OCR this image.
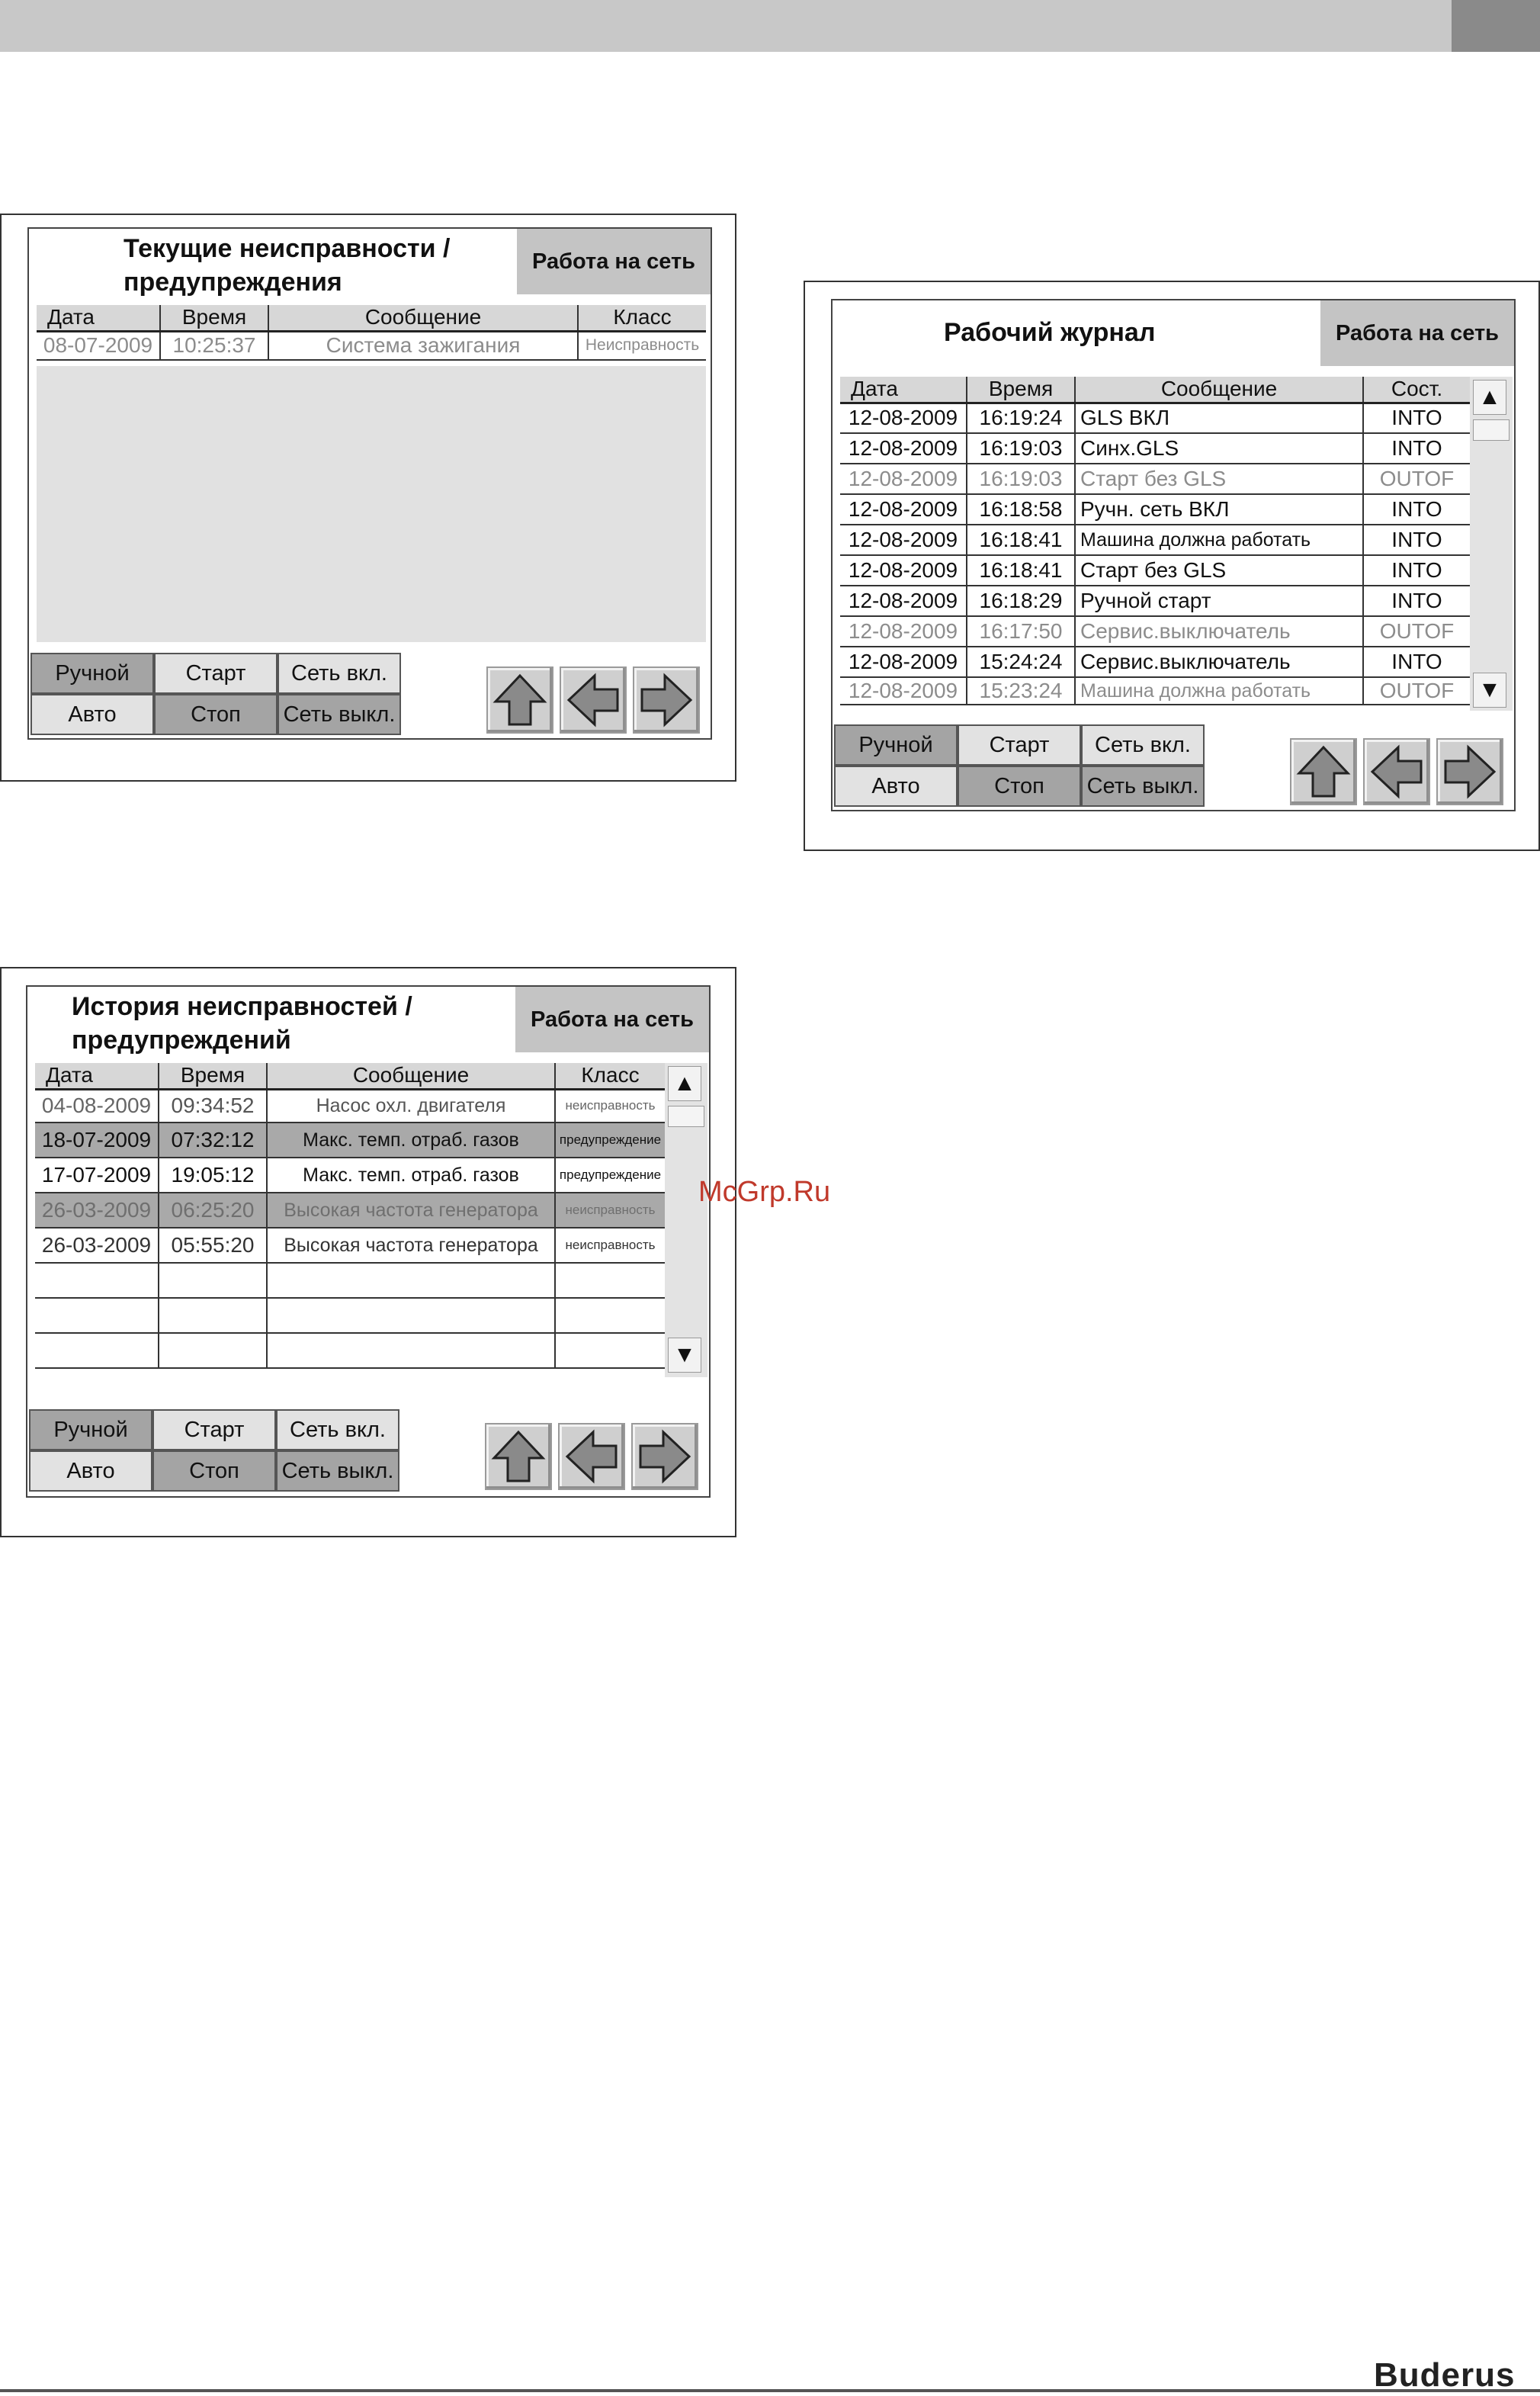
Текущие неисправности /
предупреждения
Работа на сеть
Дата	Время	Сообщение	Класс
08-07-2009	10:25:37	Система зажигания	Неисправность
Ручной	Старт	Сеть вкл.
Авто	Стоп	Сеть выкл.
Рабочий журнал	Работа на сеть
Дата	Время	Сообщение	Сост.
12-08-2009	16:19:24	GLS ВКЛ	INTO
12-08-2009	16:19:03	Синх.GLS	INTO
12-08-2009	16:19:03	Старт без GLS	OUTOF
12-08-2009	16:18:58	Ручн. сеть ВКЛ	INTO
12-08-2009	16:18:41	Машина должна работать	INTO
12-08-2009	16:18:41	Старт без GLS	INTO
12-08-2009	16:18:29	Ручной старт	INTO
12-08-2009	16:17:50	Сервис.выключатель	OUTOF
12-08-2009	15:24:24	Сервис.выключатель	INTO
12-08-2009	15:23:24	Машина должна работать	OUTOF
▲
▼
Ручной	Старт	Сеть вкл.
Авто	Стоп	Сеть выкл.
История неисправностей /
предупреждений
Работа на сеть
Дата	Время	Сообщение	Класс
04-08-2009	09:34:52	Насос охл. двигателя	неисправность
18-07-2009	07:32:12	Макс. темп. отраб. газов	предупреждение
17-07-2009	19:05:12	Макс. темп. отраб. газов	предупреждение
26-03-2009	06:25:20	Высокая частота генератора	неисправность
26-03-2009	05:55:20	Высокая частота генератора	неисправность

▲
▼
Ручной	Старт	Сеть вкл.
Авто	Стоп	Сеть выкл.
McGrp.Ru
Buderus
